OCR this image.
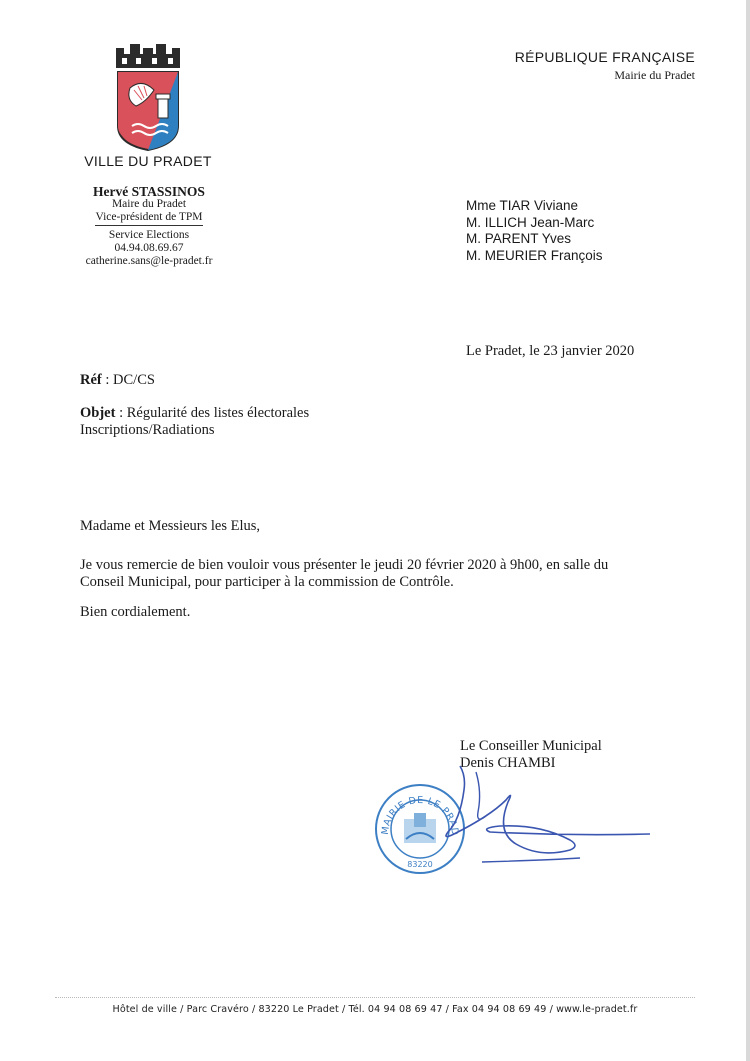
VILLE DU PRADET
Hervé STASSINOS
Maire du Pradet
Vice-président de TPM
Service Elections
04.94.08.69.67
catherine.sans@le-pradet.fr
RÉPUBLIQUE FRANÇAISE
Mairie du Pradet
Mme TIAR Viviane
M. ILLICH Jean-Marc
M. PARENT Yves
M. MEURIER François
Le Pradet, le 23 janvier 2020
Réf : DC/CS
Objet : Régularité des listes électorales
Inscriptions/Radiations
Madame et Messieurs les Elus,
Je vous remercie de bien vouloir vous présenter le jeudi 20 février 2020 à 9h00, en salle du Conseil Municipal, pour participer à la commission de Contrôle.
Bien cordialement.
Le Conseiller Municipal
Denis CHAMBI
MAIRIE DE LE PRAD
83220
Hôtel de ville / Parc Cravéro / 83220 Le Pradet / Tél. 04 94 08 69 47 / Fax 04 94 08 69 49 / www.le-pradet.fr
